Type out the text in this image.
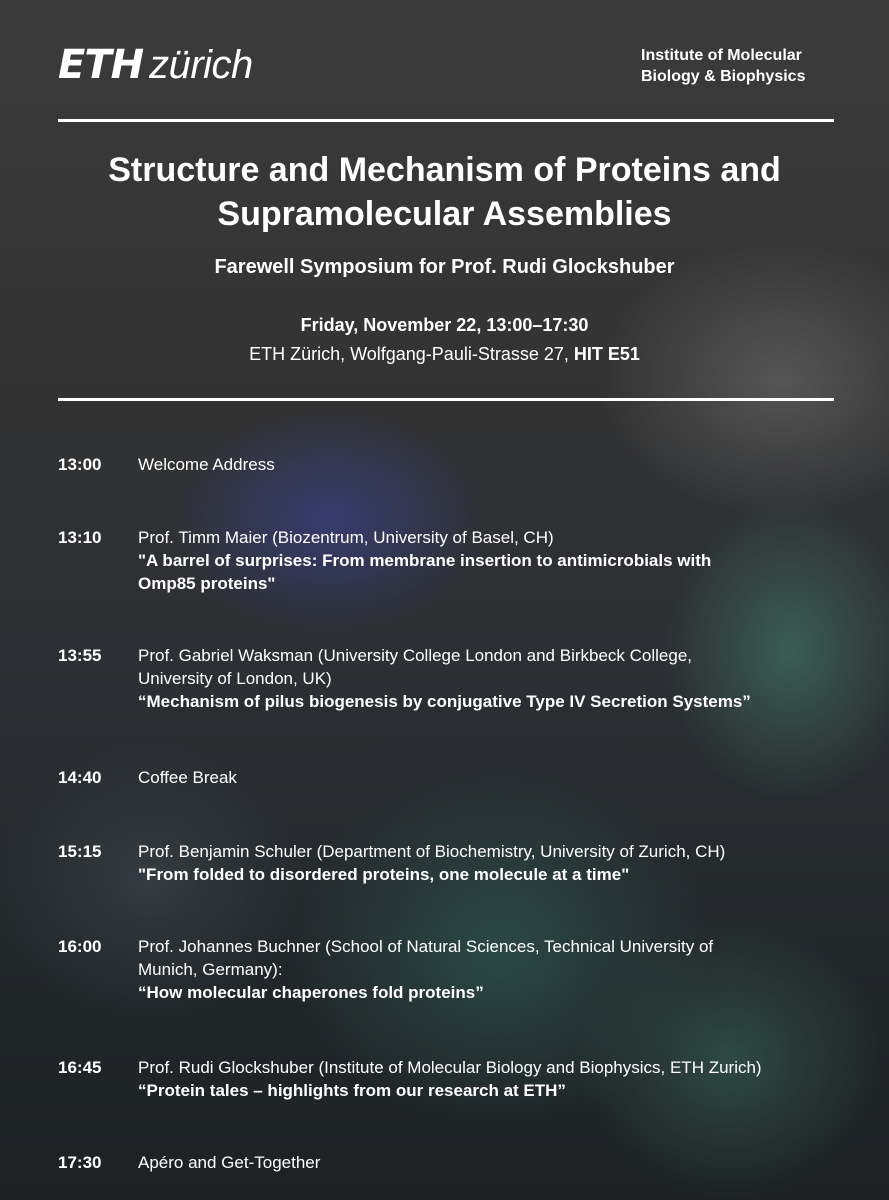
ETH zürich	Institute of Molecular
Biology & Biophysics
Structure and Mechanism of Proteins and
Supramolecular Assemblies
Farewell Symposium for Prof. Rudi Glockshuber
Friday, November 22, 13:00–17:30
ETH Zürich, Wolfgang-Pauli-Strasse 27, HIT E51
13:00 Welcome Address
13:10 Prof. Timm Maier (Biozentrum, University of Basel, CH)
"A barrel of surprises: From membrane insertion to antimicrobials with
Omp85 proteins"
13:55 Prof. Gabriel Waksman (University College London and Birkbeck College,
University of London, UK)
“Mechanism of pilus biogenesis by conjugative Type IV Secretion Systems”
14:40 Coffee Break
15:15 Prof. Benjamin Schuler (Department of Biochemistry, University of Zurich, CH)
"From folded to disordered proteins, one molecule at a time"
16:00 Prof. Johannes Buchner (School of Natural Sciences, Technical University of
Munich, Germany):
“How molecular chaperones fold proteins”
16:45 Prof. Rudi Glockshuber (Institute of Molecular Biology and Biophysics, ETH Zurich)
“Protein tales – highlights from our research at ETH”
17:30 Apéro and Get-Together
